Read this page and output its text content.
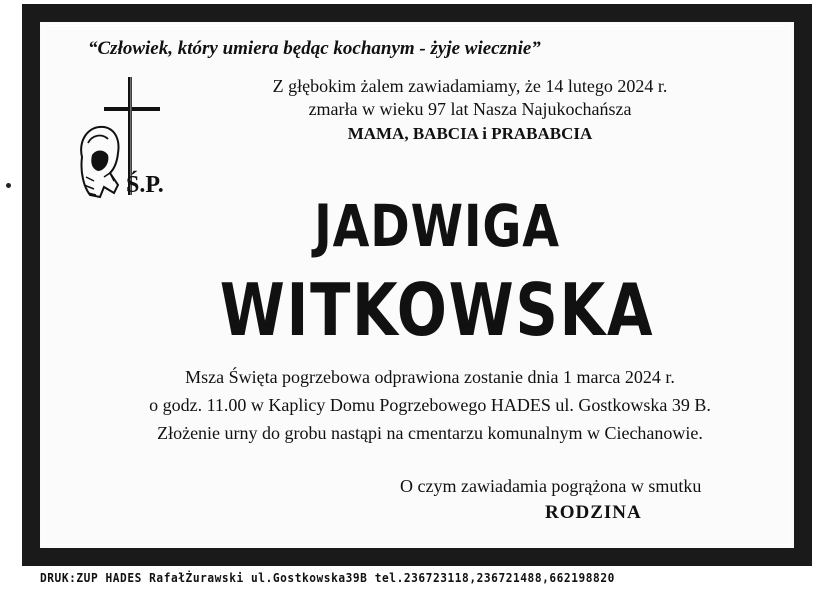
“Człowiek, który umiera będąc kochanym - żyje wiecznie”
Z głębokim żalem zawiadamiamy, że 14 lutego 2024 r.
zmarła w wieku 97 lat Nasza Najukochańsza
MAMA, BABCIA i PRABABCIA
Ś.P.
JADWIGA
WITKOWSKA
Msza Święta pogrzebowa odprawiona zostanie dnia 1 marca 2024 r.
o godz. 11.00 w Kaplicy Domu Pogrzebowego HADES ul. Gostkowska 39 B.
Złożenie urny do grobu nastąpi na cmentarzu komunalnym w Ciechanowie.
O czym zawiadamia pogrążona w smutku
RODZINA
DRUK:ZUP HADES RafałŻurawski ul.Gostkowska39B tel.236723118,236721488,662198820
